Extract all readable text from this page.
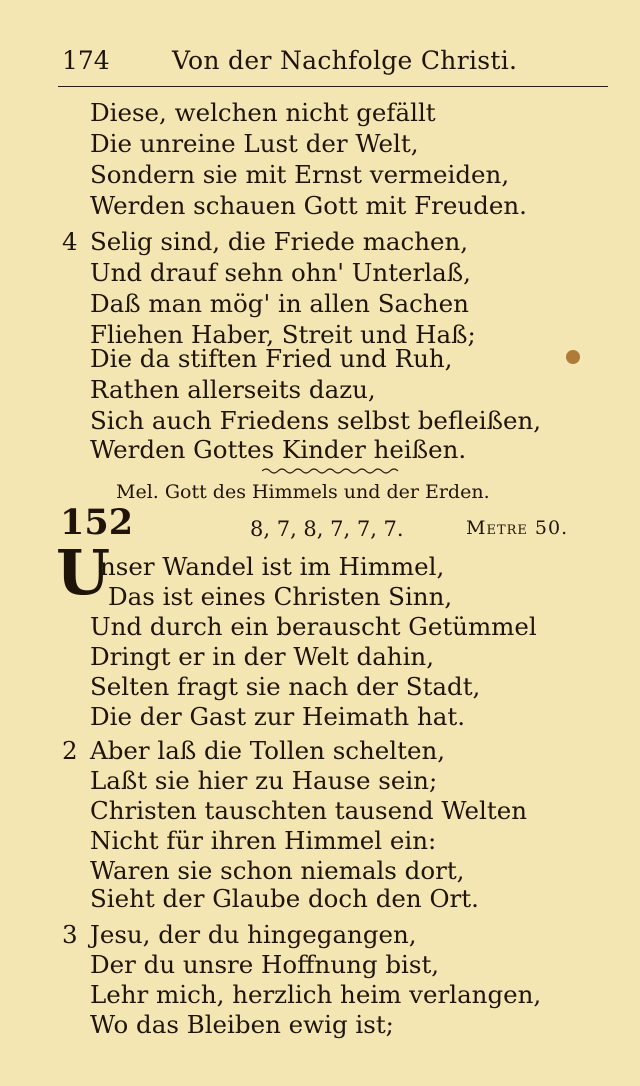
174 Von der Nachfolge Christi.
Diese, welchen nicht gefällt
Die unreine Lust der Welt,
Sondern sie mit Ernst vermeiden,
Werden schauen Gott mit Freuden.
4 Selig sind, die Friede machen,
Und drauf sehn ohn' Unterlaß,
Daß man mög' in allen Sachen
Fliehen Haber, Streit und Haß;
Die da stiften Fried und Ruh,
Rathen allerseits dazu,
Sich auch Friedens selbst befleißen,
Werden Gottes Kinder heißen.
Mel. Gott des Himmels und der Erden.
152	8, 7, 8, 7, 7, 7.	Metre 50.
U
nser Wandel ist im Himmel,
Das ist eines Christen Sinn,
Und durch ein berauscht Getümmel
Dringt er in der Welt dahin,
Selten fragt sie nach der Stadt,
Die der Gast zur Heimath hat.
2 Aber laß die Tollen schelten,
Laßt sie hier zu Hause sein;
Christen tauschten tausend Welten
Nicht für ihren Himmel ein:
Waren sie schon niemals dort,
Sieht der Glaube doch den Ort.
3 Jesu, der du hingegangen,
Der du unsre Hoffnung bist,
Lehr mich, herzlich heim verlangen,
Wo das Bleiben ewig ist;
